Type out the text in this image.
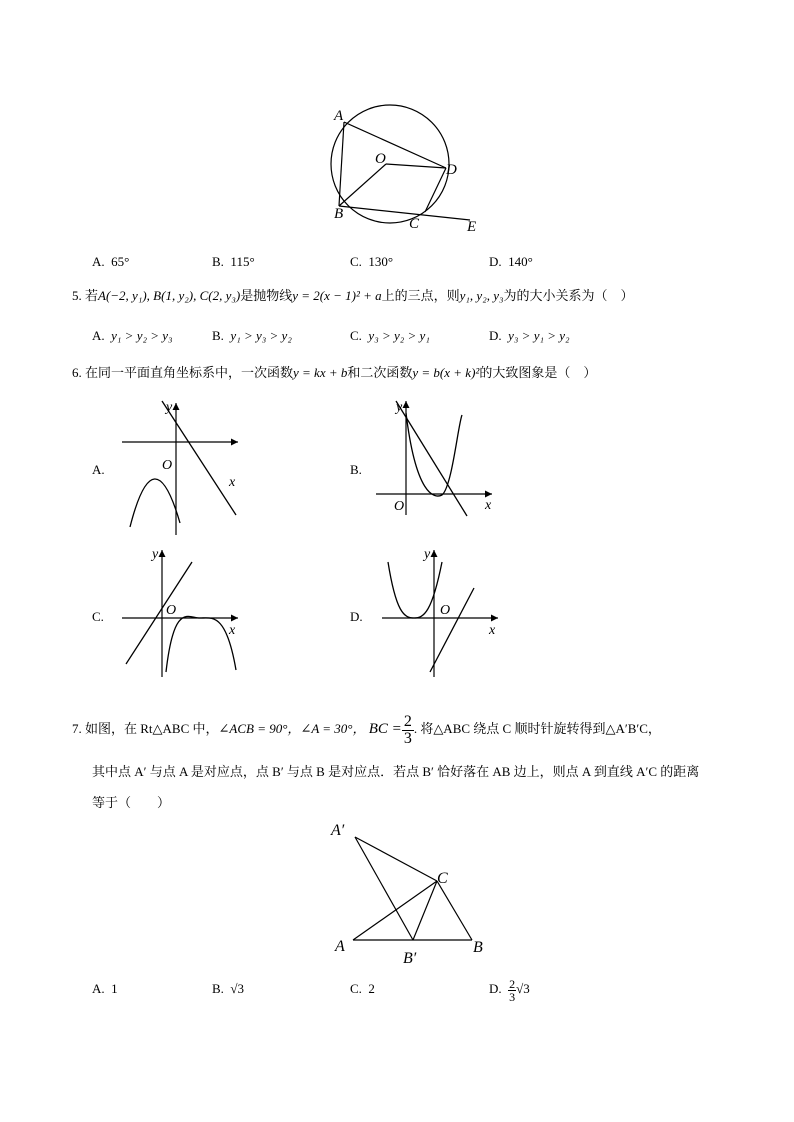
A
O
D
B
C	E
A. 65°	B. 115°	C. 130°	D. 140°
5. 若A(−2, y₁), B(1, y₂), C(2, y₃)是抛物线y = 2(x − 1)² + a上的三点，则y₁, y₂, y₃为的大小关系为（　）
A. y₁ > y₂ > y₃	B. y₁ > y₃ > y₂	C. y₃ > y₂ > y₁	D. y₃ > y₁ > y₂
6. 在同一平面直角坐标系中，一次函数y = kx + b和二次函数y = b(x + k)²的大致图象是（　）
A.
y
O
x
B.
y
O	x
C.
y
O
x
D.
y
O
x
7. 如图，在 Rt△ABC 中，∠ACB = 90°，∠A = 30°， BC = $\frac{2}{3}$ . 将△ABC 绕点 C 顺时针旋转得到△A′B′C，
其中点 A′ 与点 A 是对应点，点 B′ 与点 B 是对应点．若点 B′ 恰好落在 AB 边上，则点 A 到直线 A′C 的距离
等于（　　）
A′
C
A
B′
B
A. 1	B. √3	C. 2	D. $\frac{2}{3} √3$
